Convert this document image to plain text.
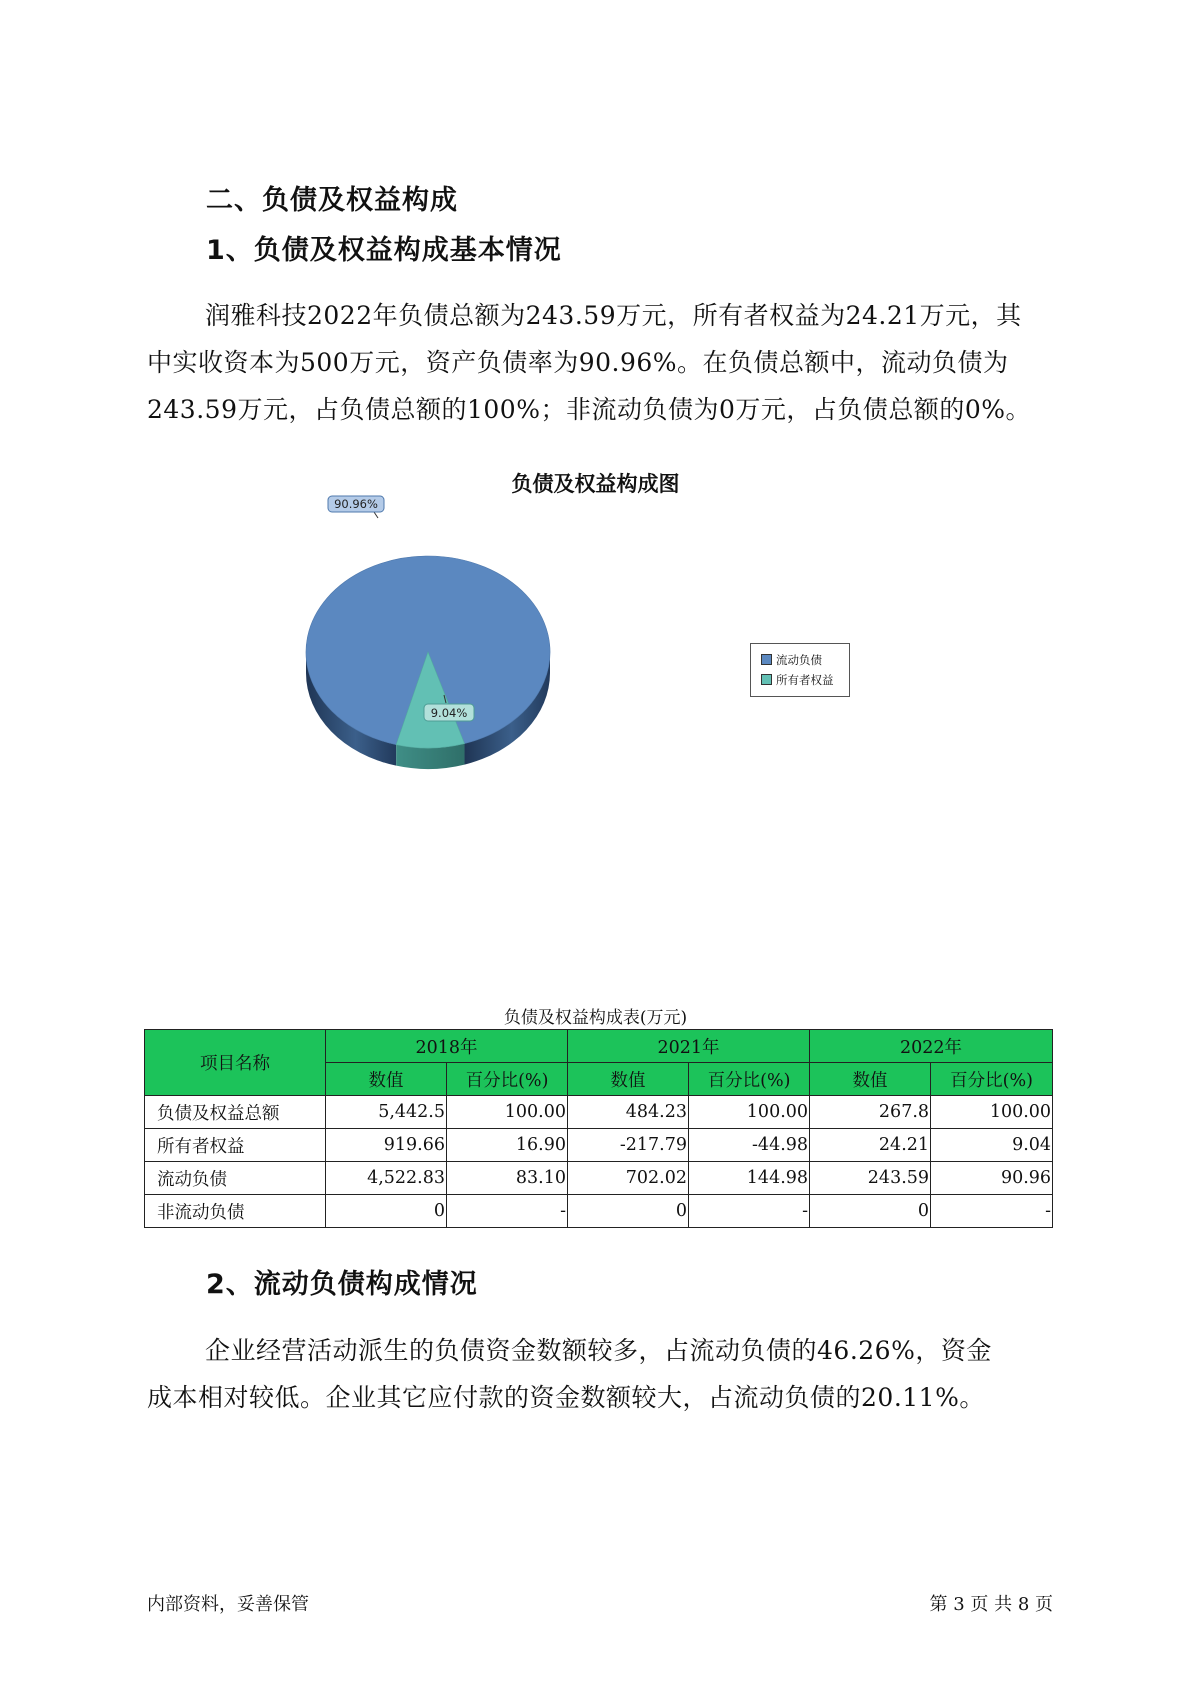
二、负债及权益构成
1、负债及权益构成基本情况
润雅科技2022年负债总额为243.59万元，所有者权益为24.21万元，其
中实收资本为500万元，资产负债率为90.96%。在负债总额中，流动负债为
243.59万元，占负债总额的100%；非流动负债为0万元，占负债总额的0%。
负债及权益构成图
90.96%
9.04%
流动负债
所有者权益
负债及权益构成表(万元)
项目名称	2018年		2021年		2022年	
	数值	百分比(%)	数值	百分比(%)	数值	百分比(%)
负债及权益总额	5,442.5	100.00	484.23	100.00	267.8	100.00
所有者权益	919.66	16.90	-217.79	-44.98	24.21	9.04
流动负债	4,522.83	83.10	702.02	144.98	243.59	90.96
非流动负债	0	-	0	-	0	-
2、流动负债构成情况
企业经营活动派生的负债资金数额较多，占流动负债的46.26%，资金
成本相对较低。企业其它应付款的资金数额较大，占流动负债的20.11%。
内部资料，妥善保管	第 3 页 共 8 页
